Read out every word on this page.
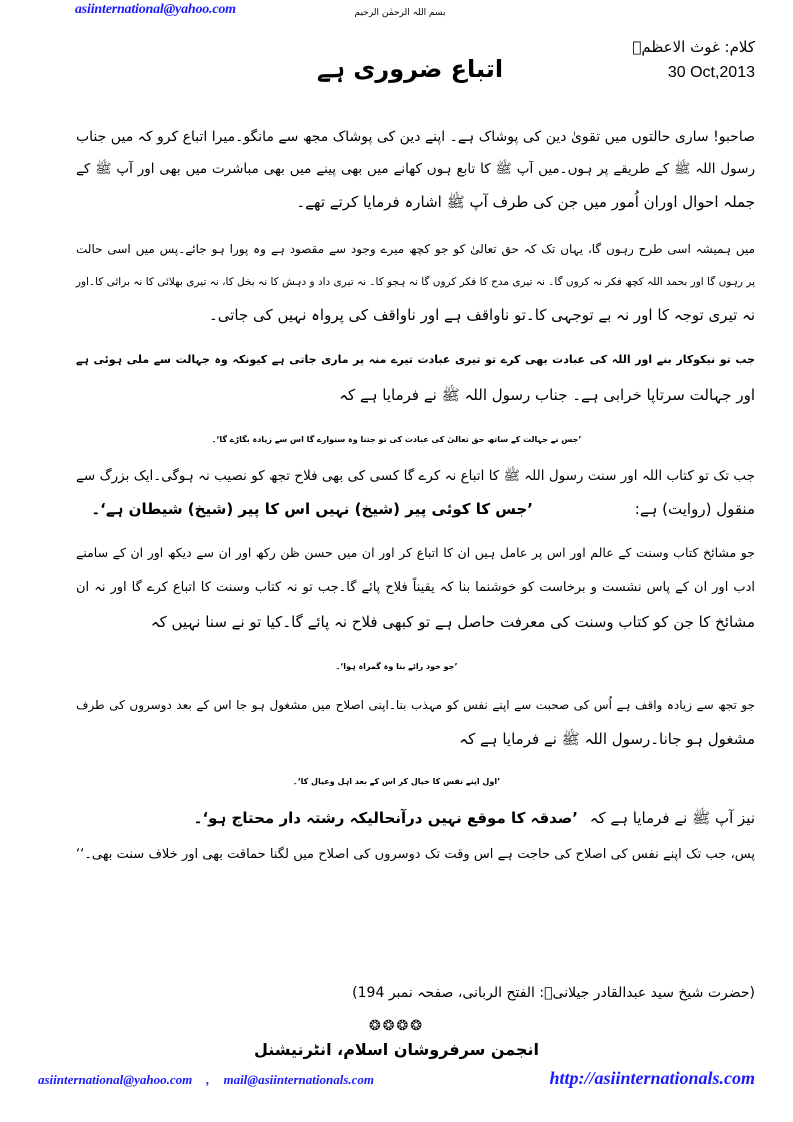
asiinternational@yahoo.com	بسم اللہ الرحمٰن الرحیم
کلام: غوث الاعظمؓ
30 Oct,2013
اتباع ضروری ہے
صاحبو! ساری حالتوں میں تقویٰ دین کی پوشاک ہے۔ اپنے دین کی پوشاک مجھ سے مانگو۔میرا اتباع کرو کہ میں جناب
رسول اللہ ﷺ کے طریقے پر ہوں۔میں آپ ﷺ کا تابع ہوں کھانے میں بھی پینے میں بھی مباشرت میں بھی اور آپ ﷺ کے
جملہ احوال اوران اُمور میں جن کی طرف آپ ﷺ اشارہ فرمایا کرتے تھے۔
میں ہمیشہ اسی طرح رہوں گا، یہاں تک کہ حق تعالیٰ کو جو کچھ میرے وجود سے مقصود ہے وہ پورا ہو جائے۔پس میں اسی حالت
پر رہوں گا اور بحمد اللہ کچھ فکر نہ کروں گا۔ نہ تیری مدح کا فکر کروں گا نہ ہجو کا۔ نہ تیری داد و دہش کا نہ بخل کا، نہ تیری بھلائی کا نہ برائی کا۔اور
نہ تیری توجہ کا اور نہ بے توجہی کا۔تو ناواقف ہے اور ناواقف کی پرواہ نہیں کی جاتی۔
جب تو نیکوکار بنے اور اللہ کی عبادت بھی کرے تو تیری عبادت تیرے منہ پر ماری جاتی ہے کیونکہ وہ جہالت سے ملی ہوئی ہے
اور جہالت سرتاپا خرابی ہے۔ جناب رسول اللہ ﷺ نے فرمایا ہے کہ
’جس نے جہالت کے ساتھ حق تعالیٰ کی عبادت کی تو جتنا وہ سنوارے گا اس سے زیادہ بگاڑے گا‘۔
جب تک تو کتاب اللہ اور سنت رسول اللہ ﷺ کا اتباع نہ کرے گا کسی کی بھی فلاح تجھ کو نصیب نہ ہوگی۔ایک بزرگ سے
منقول (روایت) ہے:
’جس کا کوئی پیر (شیخ) نہیں اس کا پیر (شیخ) شیطان ہے‘۔
جو مشائخ کتاب وسنت کے عالم اور اس پر عامل ہیں ان کا اتباع کر اور ان میں حسن ظن رکھ اور ان سے دیکھ اور ان کے سامنے
ادب اور ان کے پاس نشست و برخاست کو خوشنما بنا کہ یقیناً فلاح پائے گا۔جب تو نہ کتاب وسنت کا اتباع کرے گا اور نہ ان
مشائخ کا جن کو کتاب وسنت کی معرفت حاصل ہے تو کبھی فلاح نہ پائے گا۔کیا تو نے سنا نہیں کہ
’جو خود رائے بنا وہ گمراہ ہوا‘۔
جو تجھ سے زیادہ واقف ہے اُس کی صحبت سے اپنے نفس کو مہذب بنا۔اپنی اصلاح میں مشغول ہو جا اس کے بعد دوسروں کی طرف
مشغول ہو جانا۔رسول اللہ ﷺ نے فرمایا ہے کہ
’اول اپنے نفس کا خیال کر اس کے بعد اہل وعیال کا‘۔
نیز آپ ﷺ نے فرمایا ہے کہ
’صدقہ کا موقع نہیں درآنحالیکہ رشتہ دار محتاج ہو‘۔
پس، جب تک اپنے نفس کی اصلاح کی حاجت ہے اس وقت تک دوسروں کی اصلاح میں لگنا حماقت بھی اور خلاف سنت بھی۔‘‘
(حضرت شیخ سید عبدالقادر جیلانیؒ: الفتح الربانی، صفحہ نمبر 194)
❂❂❂❂
انجمن سرفروشان اسلام، انٹرنیشنل
asiinternational@yahoo.com , mail@asiinternationals.com	http://asiinternationals.com
